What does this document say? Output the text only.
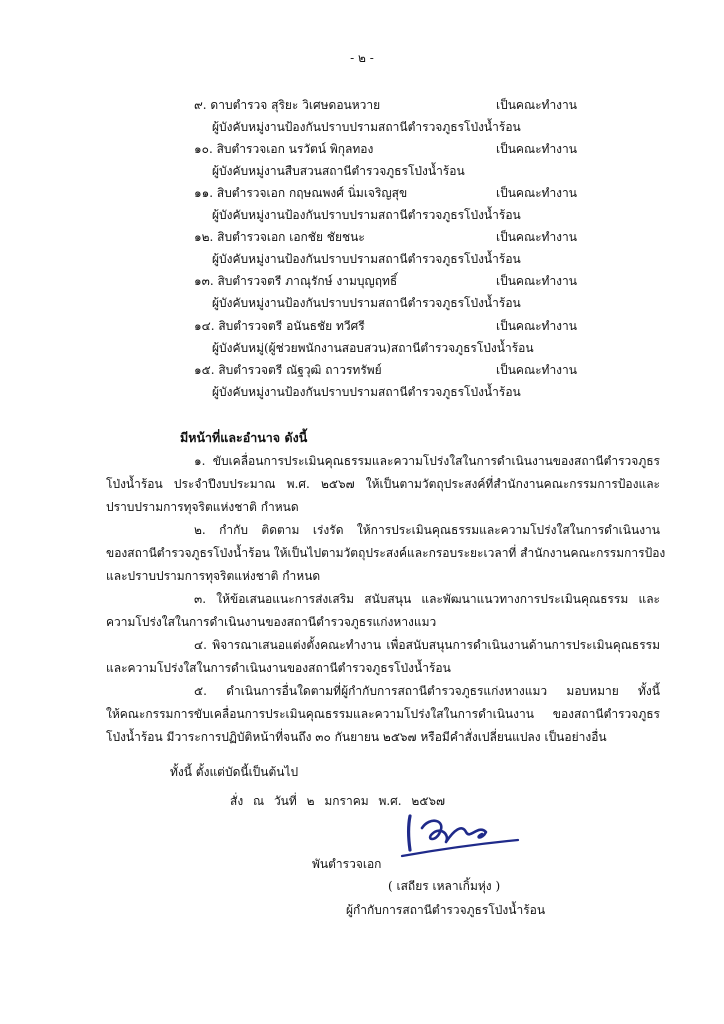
- ๒ -
๙. ดาบตำรวจ สุริยะ วิเศษดอนหวาย	เป็นคณะทำงาน
ผู้บังคับหมู่งานป้องกันปราบปรามสถานีตำรวจภูธรโป่งน้ำร้อน
๑๐. สิบตำรวจเอก นรวัตน์ พิกุลทอง	เป็นคณะทำงาน
ผู้บังคับหมู่งานสืบสวนสถานีตำรวจภูธรโป่งน้ำร้อน
๑๑. สิบตำรวจเอก กฤษณพงศ์ นิ่มเจริญสุข	เป็นคณะทำงาน
ผู้บังคับหมู่งานป้องกันปราบปรามสถานีตำรวจภูธรโป่งน้ำร้อน
๑๒. สิบตำรวจเอก เอกชัย ชัยชนะ	เป็นคณะทำงาน
ผู้บังคับหมู่งานป้องกันปราบปรามสถานีตำรวจภูธรโป่งน้ำร้อน
๑๓. สิบตำรวจตรี ภาณุรักษ์ งามบุญฤทธิ์	เป็นคณะทำงาน
ผู้บังคับหมู่งานป้องกันปราบปรามสถานีตำรวจภูธรโป่งน้ำร้อน
๑๔. สิบตำรวจตรี อนันธชัย ทวีศรี	เป็นคณะทำงาน
ผู้บังคับหมู่(ผู้ช่วยพนักงานสอบสวน)สถานีตำรวจภูธรโป่งน้ำร้อน
๑๕. สิบตำรวจตรี ณัฐวุฒิ ถาวรทรัพย์	เป็นคณะทำงาน
ผู้บังคับหมู่งานป้องกันปราบปรามสถานีตำรวจภูธรโป่งน้ำร้อน
มีหน้าที่และอำนาจ ดังนี้
๑. ขับเคลื่อนการประเมินคุณธรรมและความโปร่งใสในการดำเนินงานของสถานีตำรวจภูธร
โป่งน้ำร้อน ประจำปีงบประมาณ พ.ศ. ๒๕๖๗ ให้เป็นตามวัตถุประสงค์ที่สำนักงานคณะกรรมการป้องและ
ปราบปรามการทุจริตแห่งชาติ กำหนด
๒. กำกับ ติดตาม เร่งรัด ให้การประเมินคุณธรรมและความโปร่งใสในการดำเนินงาน
ของสถานีตำรวจภูธรโป่งน้ำร้อน ให้เป็นไปตามวัตถุประสงค์และกรอบระยะเวลาที่ สำนักงานคณะกรรมการป้อง
และปราบปรามการทุจริตแห่งชาติ กำหนด
๓. ให้ข้อเสนอแนะการส่งเสริม สนับสนุน และพัฒนาแนวทางการประเมินคุณธรรม และ
ความโปร่งใสในการดำเนินงานของสถานีตำรวจภูธรแก่งหางแมว
๔. พิจารณาเสนอแต่งตั้งคณะทำงาน เพื่อสนับสนุนการดำเนินงานด้านการประเมินคุณธรรม
และความโปร่งใสในการดำเนินงานของสถานีตำรวจภูธรโป่งน้ำร้อน
๕. ดำเนินการอื่นใดตามที่ผู้กำกับการสถานีตำรวจภูธรแก่งหางแมว มอบหมาย ทั้งนี้
ให้คณะกรรมการขับเคลื่อนการประเมินคุณธรรมและความโปร่งใสในการดำเนินงาน ของสถานีตำรวจภูธร
โป่งน้ำร้อน มีวาระการปฏิบัติหน้าที่จนถึง ๓๐ กันยายน ๒๕๖๗ หรือมีคำสั่งเปลี่ยนแปลง เป็นอย่างอื่น
ทั้งนี้ ตั้งแต่บัดนี้เป็นต้นไป
สั่ง ณ วันที่ ๒ มกราคม พ.ศ. ๒๕๖๗
พันตำรวจเอก
( เสถียร เหลาเกิ้มหุ่ง )
ผู้กำกับการสถานีตำรวจภูธรโป่งน้ำร้อน
